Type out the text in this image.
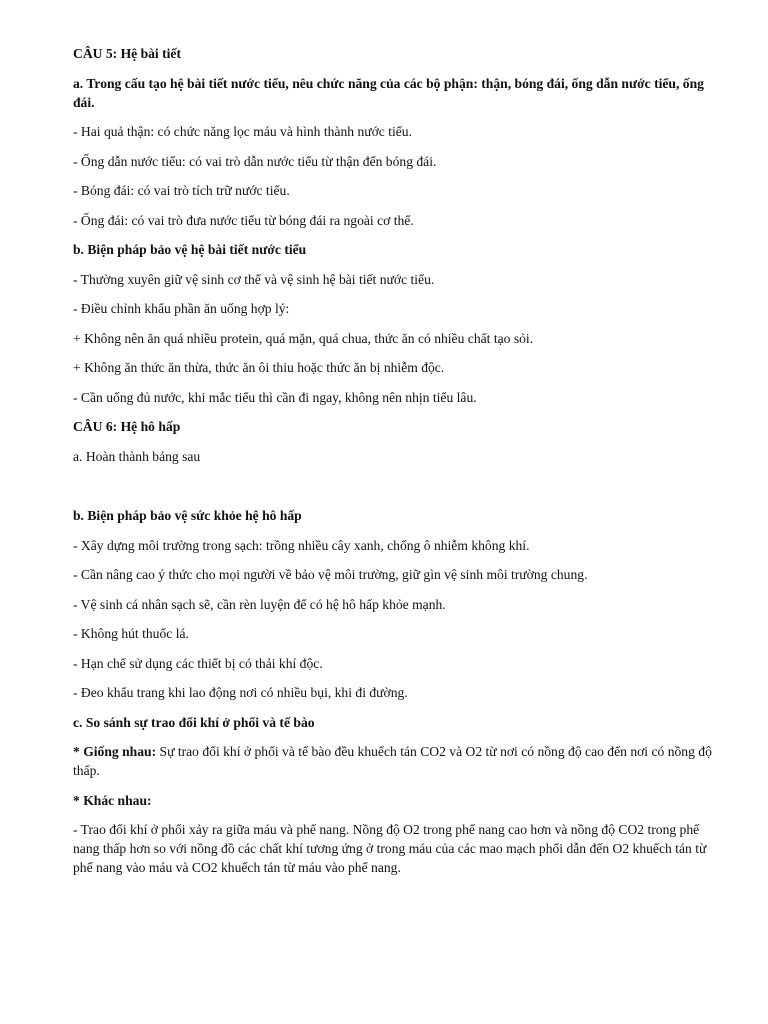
CÂU 5: Hệ bài tiết

a. Trong cấu tạo hệ bài tiết nước tiểu, nêu chức năng của các bộ phận: thận, bóng đái, ống dẫn nước tiểu, ống đái.

- Hai quả thận: có chức năng lọc máu và hình thành nước tiểu.

- Ống dẫn nước tiểu: có vai trò dẫn nước tiểu từ thận đến bóng đái.

- Bóng đái: có vai trò tích trữ nước tiểu.

- Ống đái: có vai trò đưa nước tiểu từ bóng đái ra ngoài cơ thể.

b. Biện pháp bảo vệ hệ bài tiết nước tiểu

- Thường xuyên giữ vệ sinh cơ thể và vệ sinh hệ bài tiết nước tiểu.

- Điều chỉnh khẩu phần ăn uống hợp lý:

+ Không nên ăn quá nhiều protein, quá mặn, quá chua, thức ăn có nhiều chất tạo sỏi.

+ Không ăn thức ăn thừa, thức ăn ôi thiu hoặc thức ăn bị nhiễm độc.

- Cần uống đủ nước, khi mắc tiểu thì cần đi ngay, không nên nhịn tiểu lâu.

CÂU 6: Hệ hô hấp

a. Hoàn thành bảng sau

b. Biện pháp bảo vệ sức khỏe hệ hô hấp

- Xây dựng môi trường trong sạch: trồng nhiều cây xanh, chống ô nhiễm không khí.

- Cần nâng cao ý thức cho mọi người về bảo vệ môi trường, giữ gìn vệ sinh môi trường chung.

- Vệ sinh cá nhân sạch sẽ, cần rèn luyện để có hệ hô hấp khỏe mạnh.

- Không hút thuốc lá.

- Hạn chế sử dụng các thiết bị có thải khí độc.

- Đeo khẩu trang khi lao động nơi có nhiều bụi, khi đi đường.

c. So sánh sự trao đổi khí ở phổi và tế bào

* Giống nhau: Sự trao đổi khí ở phổi và tế bào đều khuếch tán CO2 và O2 từ nơi có nồng độ cao đến nơi có nồng độ thấp.

* Khác nhau:

- Trao đổi khí ở phổi xảy ra giữa máu và phế nang. Nồng độ O2 trong phế nang cao hơn và nồng độ CO2 trong phế nang thấp hơn so với nồng đồ các chất khí tương ứng ở trong máu của các mao mạch phổi dẫn đến O2 khuếch tán từ phế nang vào máu và CO2 khuếch tán từ máu vào phế nang.
